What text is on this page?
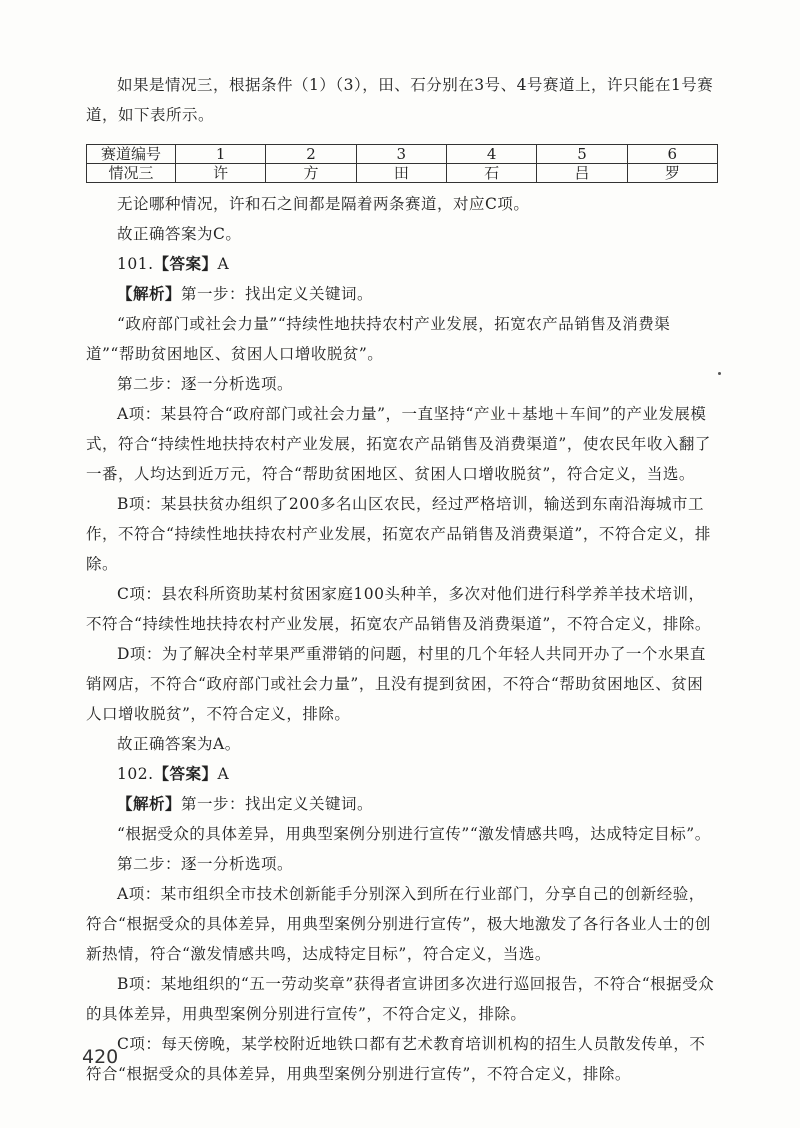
如果是情况三，根据条件（1）（3），田、石分别在3号、4号赛道上，许只能在1号赛道，如下表所示。

赛道编号	1	2	3	4	5	6
情况三	许	方	田	石	吕	罗

无论哪种情况，许和石之间都是隔着两条赛道，对应C项。

故正确答案为C。

101.【答案】A

【解析】第一步：找出定义关键词。

“政府部门或社会力量”“持续性地扶持农村产业发展，拓宽农产品销售及消费渠道”“帮助贫困地区、贫困人口增收脱贫”。

第二步：逐一分析选项。

A项：某县符合“政府部门或社会力量”，一直坚持“产业＋基地＋车间”的产业发展模式，符合“持续性地扶持农村产业发展，拓宽农产品销售及消费渠道”，使农民年收入翻了一番，人均达到近万元，符合“帮助贫困地区、贫困人口增收脱贫”，符合定义，当选。

B项：某县扶贫办组织了200多名山区农民，经过严格培训，输送到东南沿海城市工作，不符合“持续性地扶持农村产业发展，拓宽农产品销售及消费渠道”，不符合定义，排除。

C项：县农科所资助某村贫困家庭100头种羊，多次对他们进行科学养羊技术培训，不符合“持续性地扶持农村产业发展，拓宽农产品销售及消费渠道”，不符合定义，排除。

D项：为了解决全村苹果严重滞销的问题，村里的几个年轻人共同开办了一个水果直销网店，不符合“政府部门或社会力量”，且没有提到贫困，不符合“帮助贫困地区、贫困人口增收脱贫”，不符合定义，排除。

故正确答案为A。

102.【答案】A

【解析】第一步：找出定义关键词。

“根据受众的具体差异，用典型案例分别进行宣传”“激发情感共鸣，达成特定目标”。

第二步：逐一分析选项。

A项：某市组织全市技术创新能手分别深入到所在行业部门，分享自己的创新经验，符合“根据受众的具体差异，用典型案例分别进行宣传”，极大地激发了各行各业人士的创新热情，符合“激发情感共鸣，达成特定目标”，符合定义，当选。

B项：某地组织的“五一劳动奖章”获得者宣讲团多次进行巡回报告，不符合“根据受众的具体差异，用典型案例分别进行宣传”，不符合定义，排除。

C项：每天傍晚，某学校附近地铁口都有艺术教育培训机构的招生人员散发传单，不符合“根据受众的具体差异，用典型案例分别进行宣传”，不符合定义，排除。

420
